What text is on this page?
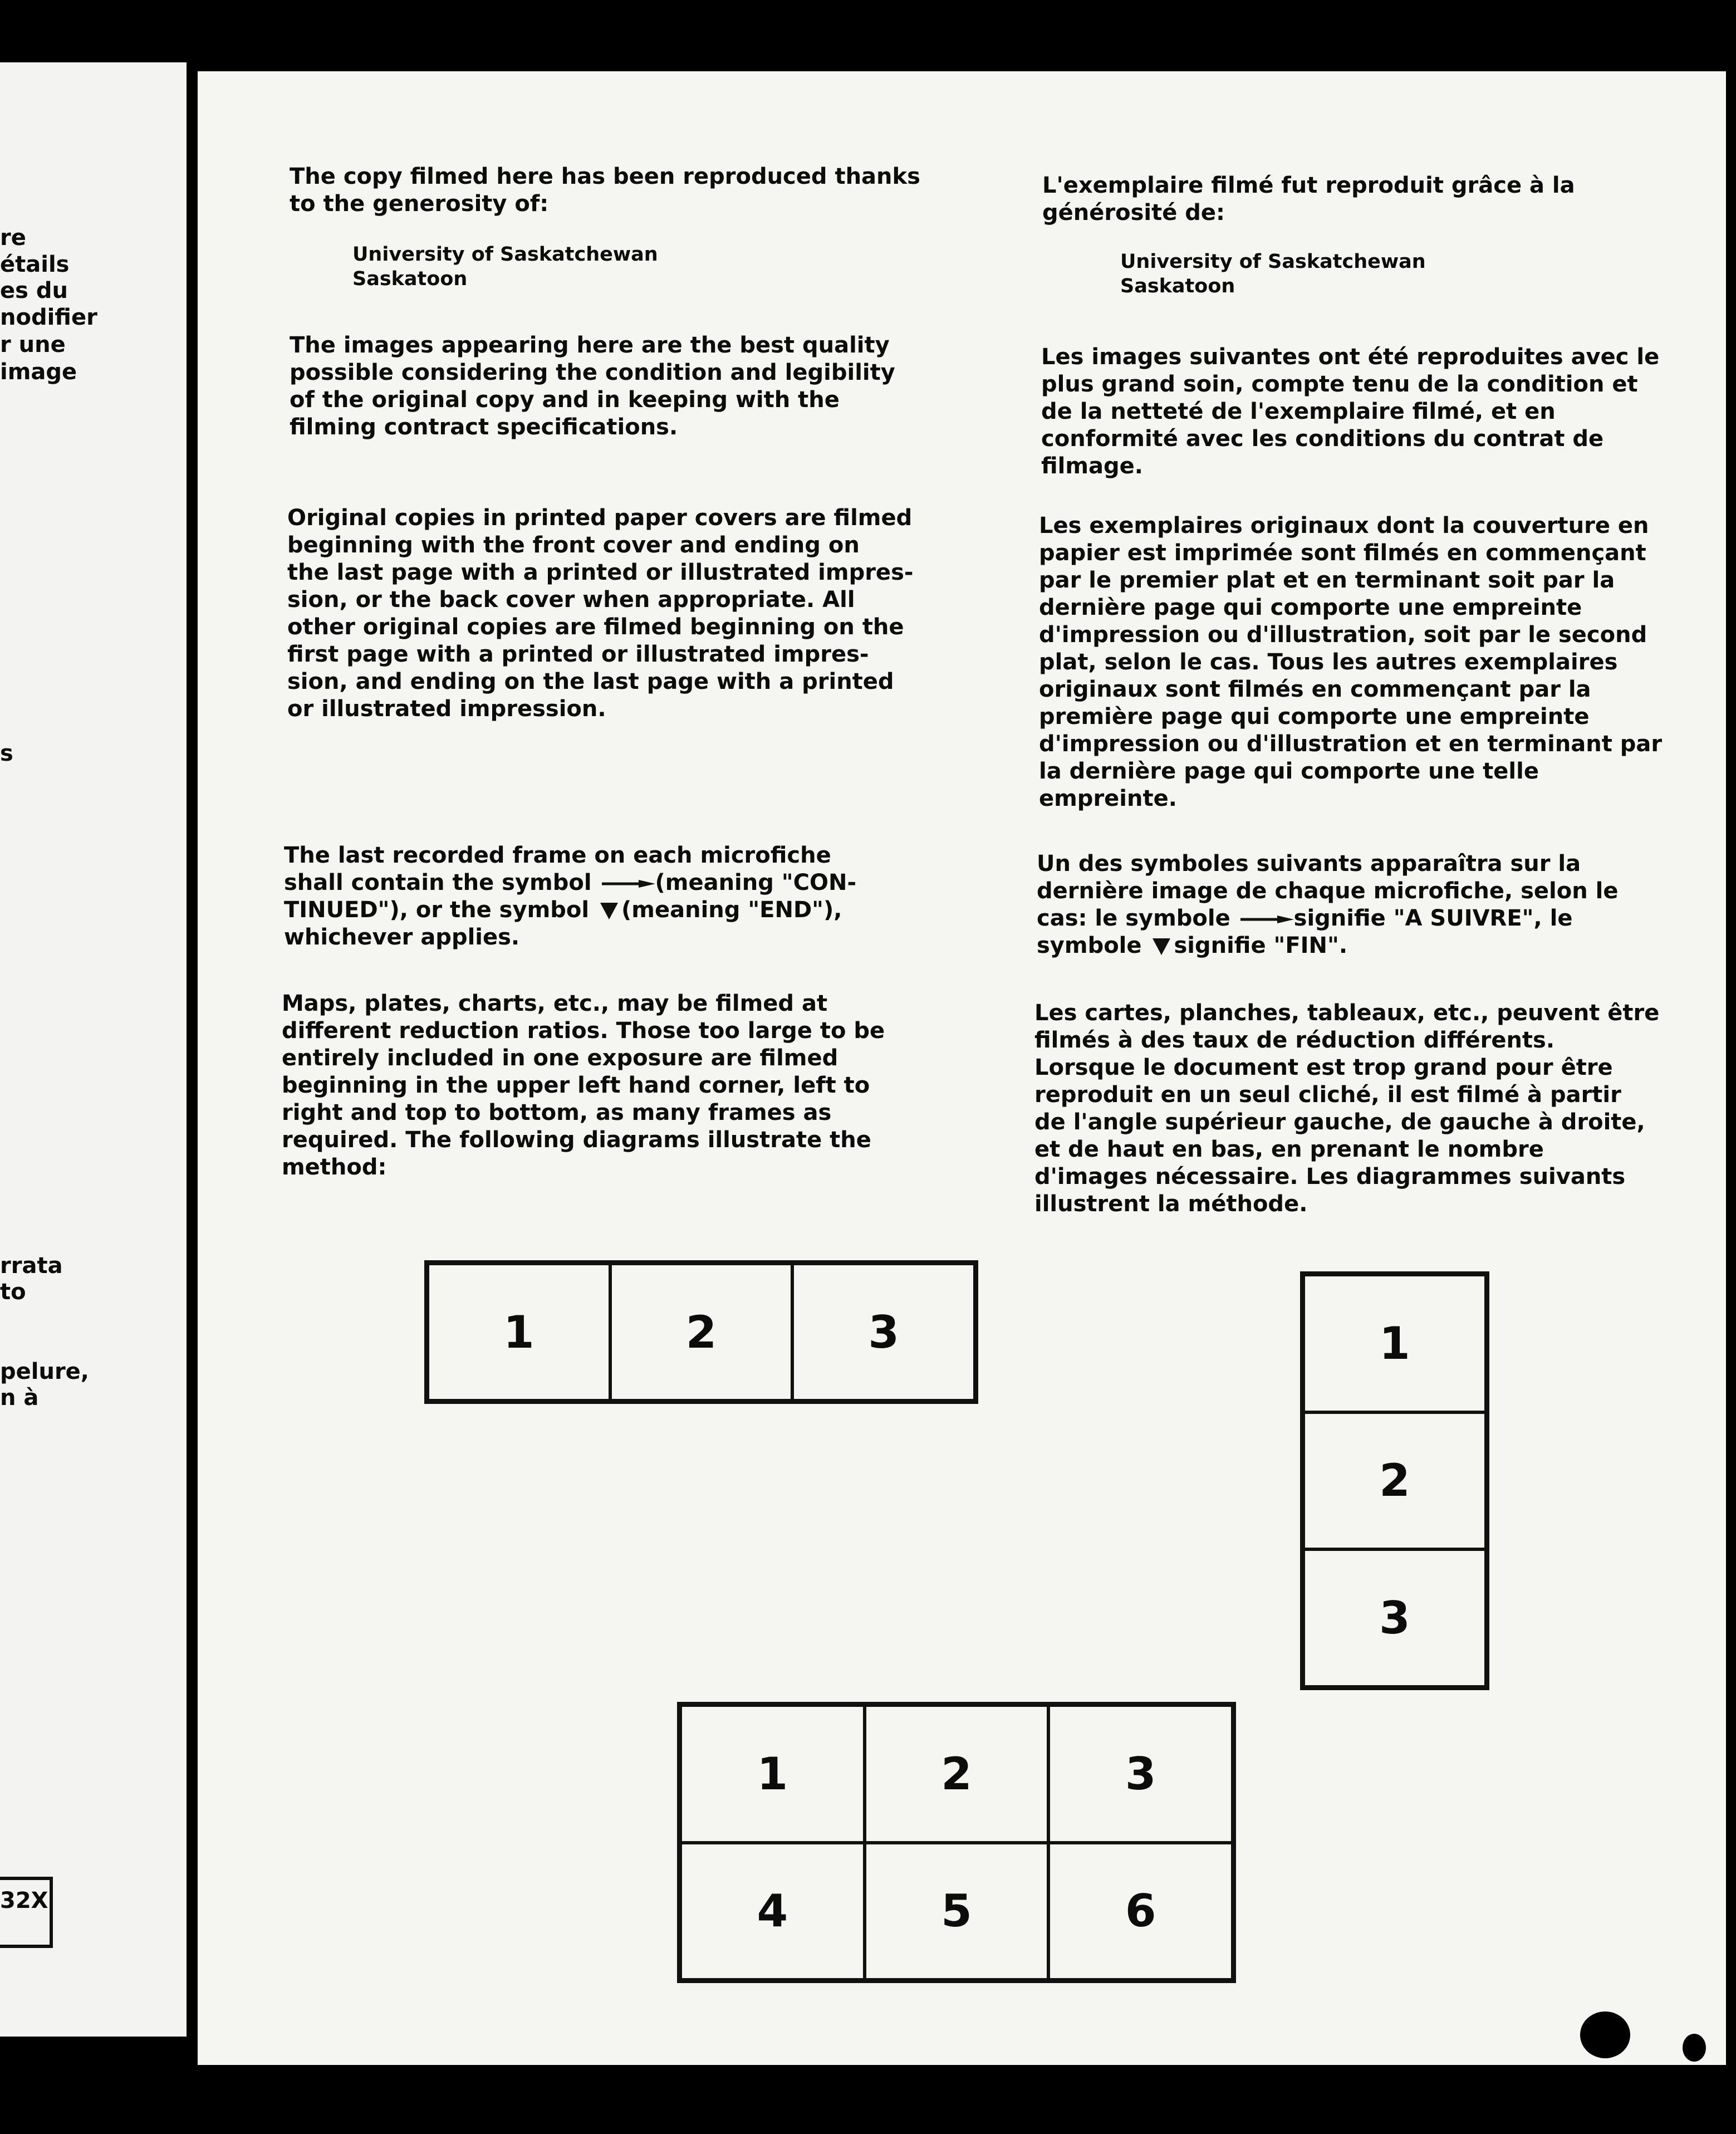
re
étails
es du
nodifier
r une
image
s
rrata
to
pelure,
n à
32X

The copy filmed here has been reproduced thanks
to the generosity of:

University of Saskatchewan
Saskatoon

The images appearing here are the best quality
possible considering the condition and legibility
of the original copy and in keeping with the
filming contract specifications.

Original copies in printed paper covers are filmed
beginning with the front cover and ending on
the last page with a printed or illustrated impres-
sion, or the back cover when appropriate. All
other original copies are filmed beginning on the
first page with a printed or illustrated impres-
sion, and ending on the last page with a printed
or illustrated impression.

The last recorded frame on each microfiche
shall contain the symbol	(meaning "CON-
TINUED"), or the symbol (meaning "END"),
whichever applies.

Maps, plates, charts, etc., may be filmed at
different reduction ratios. Those too large to be
entirely included in one exposure are filmed
beginning in the upper left hand corner, left to
right and top to bottom, as many frames as
required. The following diagrams illustrate the
method:

L'exemplaire filmé fut reproduit grâce à la
générosité de:

University of Saskatchewan
Saskatoon

Les images suivantes ont été reproduites avec le
plus grand soin, compte tenu de la condition et
de la netteté de l'exemplaire filmé, et en
conformité avec les conditions du contrat de
filmage.

Les exemplaires originaux dont la couverture en
papier est imprimée sont filmés en commençant
par le premier plat et en terminant soit par la
dernière page qui comporte une empreinte
d'impression ou d'illustration, soit par le second
plat, selon le cas. Tous les autres exemplaires
originaux sont filmés en commençant par la
première page qui comporte une empreinte
d'impression ou d'illustration et en terminant par
la dernière page qui comporte une telle
empreinte.

Un des symboles suivants apparaîtra sur la
dernière image de chaque microfiche, selon le
cas: le symbole	signifie "A SUIVRE", le
symbole signifie "FIN".

Les cartes, planches, tableaux, etc., peuvent être
filmés à des taux de réduction différents.
Lorsque le document est trop grand pour être
reproduit en un seul cliché, il est filmé à partir
de l'angle supérieur gauche, de gauche à droite,
et de haut en bas, en prenant le nombre
d'images nécessaire. Les diagrammes suivants
illustrent la méthode.

1	2	3	1
2
3
1	2	3
4	5	6
